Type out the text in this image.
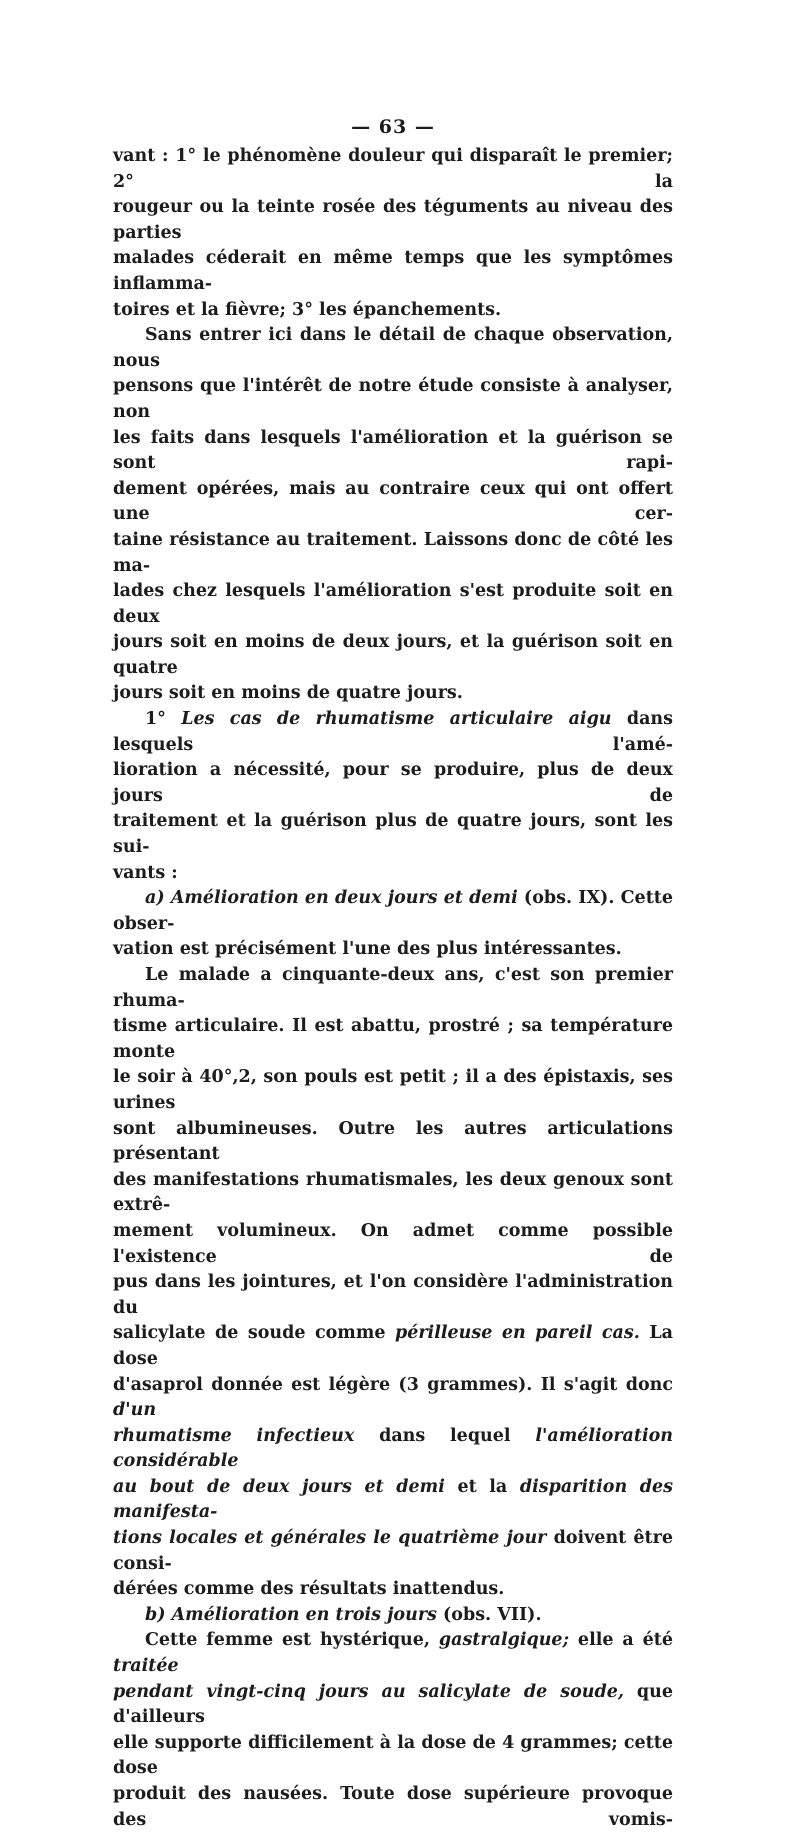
— 63 —

vant : 1° le phénomène douleur qui disparaît le premier; 2° la

rougeur ou la teinte rosée des téguments au niveau des parties

malades céderait en même temps que les symptômes inflamma-

toires et la fièvre; 3° les épanchements.

Sans entrer ici dans le détail de chaque observation, nous

pensons que l'intérêt de notre étude consiste à analyser, non

les faits dans lesquels l'amélioration et la guérison se sont rapi-

dement opérées, mais au contraire ceux qui ont offert une cer-

taine résistance au traitement. Laissons donc de côté les ma-

lades chez lesquels l'amélioration s'est produite soit en deux

jours soit en moins de deux jours, et la guérison soit en quatre

jours soit en moins de quatre jours.

1° Les cas de rhumatisme articulaire aigu dans lesquels l'amé-

lioration a nécessité, pour se produire, plus de deux jours de

traitement et la guérison plus de quatre jours, sont les sui-

vants :

a) Amélioration en deux jours et demi (obs. IX). Cette obser-

vation est précisément l'une des plus intéressantes.

Le malade a cinquante-deux ans, c'est son premier rhuma-

tisme articulaire. Il est abattu, prostré ; sa température monte

le soir à 40°,2, son pouls est petit ; il a des épistaxis, ses urines

sont albumineuses. Outre les autres articulations présentant

des manifestations rhumatismales, les deux genoux sont extrê-

mement volumineux. On admet comme possible l'existence de

pus dans les jointures, et l'on considère l'administration du

salicylate de soude comme périlleuse en pareil cas. La dose

d'asaprol donnée est légère (3 grammes). Il s'agit donc d'un

rhumatisme infectieux dans lequel l'amélioration considérable

au bout de deux jours et demi et la disparition des manifesta-

tions locales et générales le quatrième jour doivent être consi-

dérées comme des résultats inattendus.

b) Amélioration en trois jours (obs. VII).

Cette femme est hystérique, gastralgique; elle a été traitée

pendant vingt-cinq jours au salicylate de soude, que d'ailleurs

elle supporte difficilement à la dose de 4 grammes; cette dose

produit des nausées. Toute dose supérieure provoque des vomis-
